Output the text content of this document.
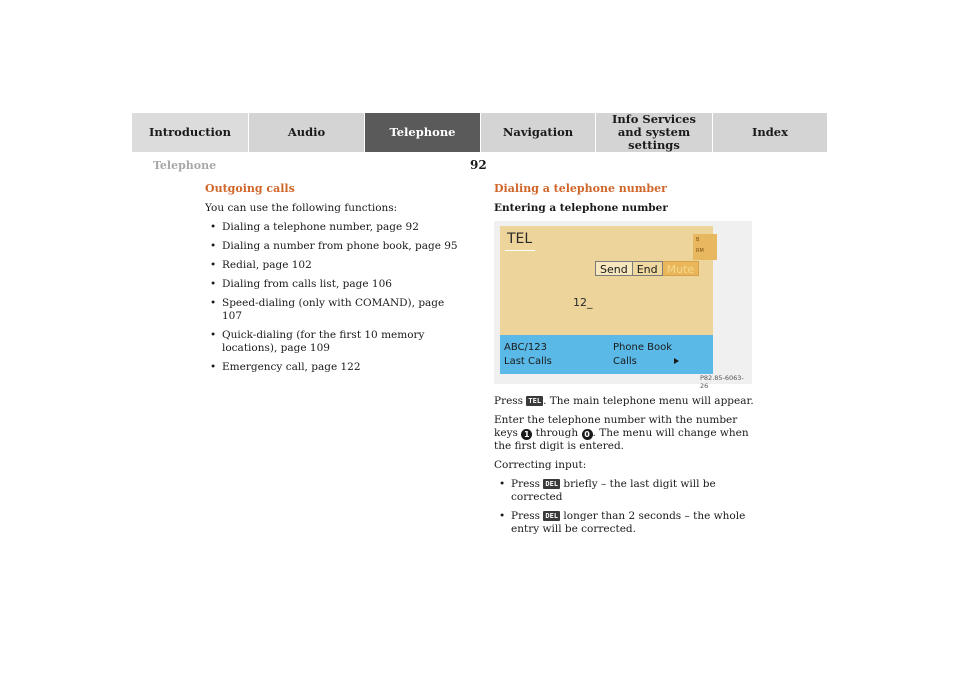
Introduction	Audio	Telephone	Navigation
Info Services and system settings
Index
Telephone	92
Outgoing calls
You can use the following functions:
• Dialing a telephone number, page 92
• Dialing a number from phone book, page 95
• Redial, page 102
• Dialing from calls list, page 106
• Speed-dialing (only with COMAND), page 107
• Quick-dialing (for the first 10 memory locations), page 109
• Emergency call, page 122
Dialing a telephone number
Entering a telephone number
TEL	B
RM
Send End Mute
12_
ABC/123
Last Calls
Phone Book
Calls
P82.85-6063-26
Press TEL . The main telephone menu will appear.
Enter the telephone number with the number keys 1 through 0 . The menu will change when the first digit is entered.
Correcting input:
• Press DEL briefly – the last digit will be corrected
• Press DEL longer than 2 seconds – the whole entry will be corrected.
